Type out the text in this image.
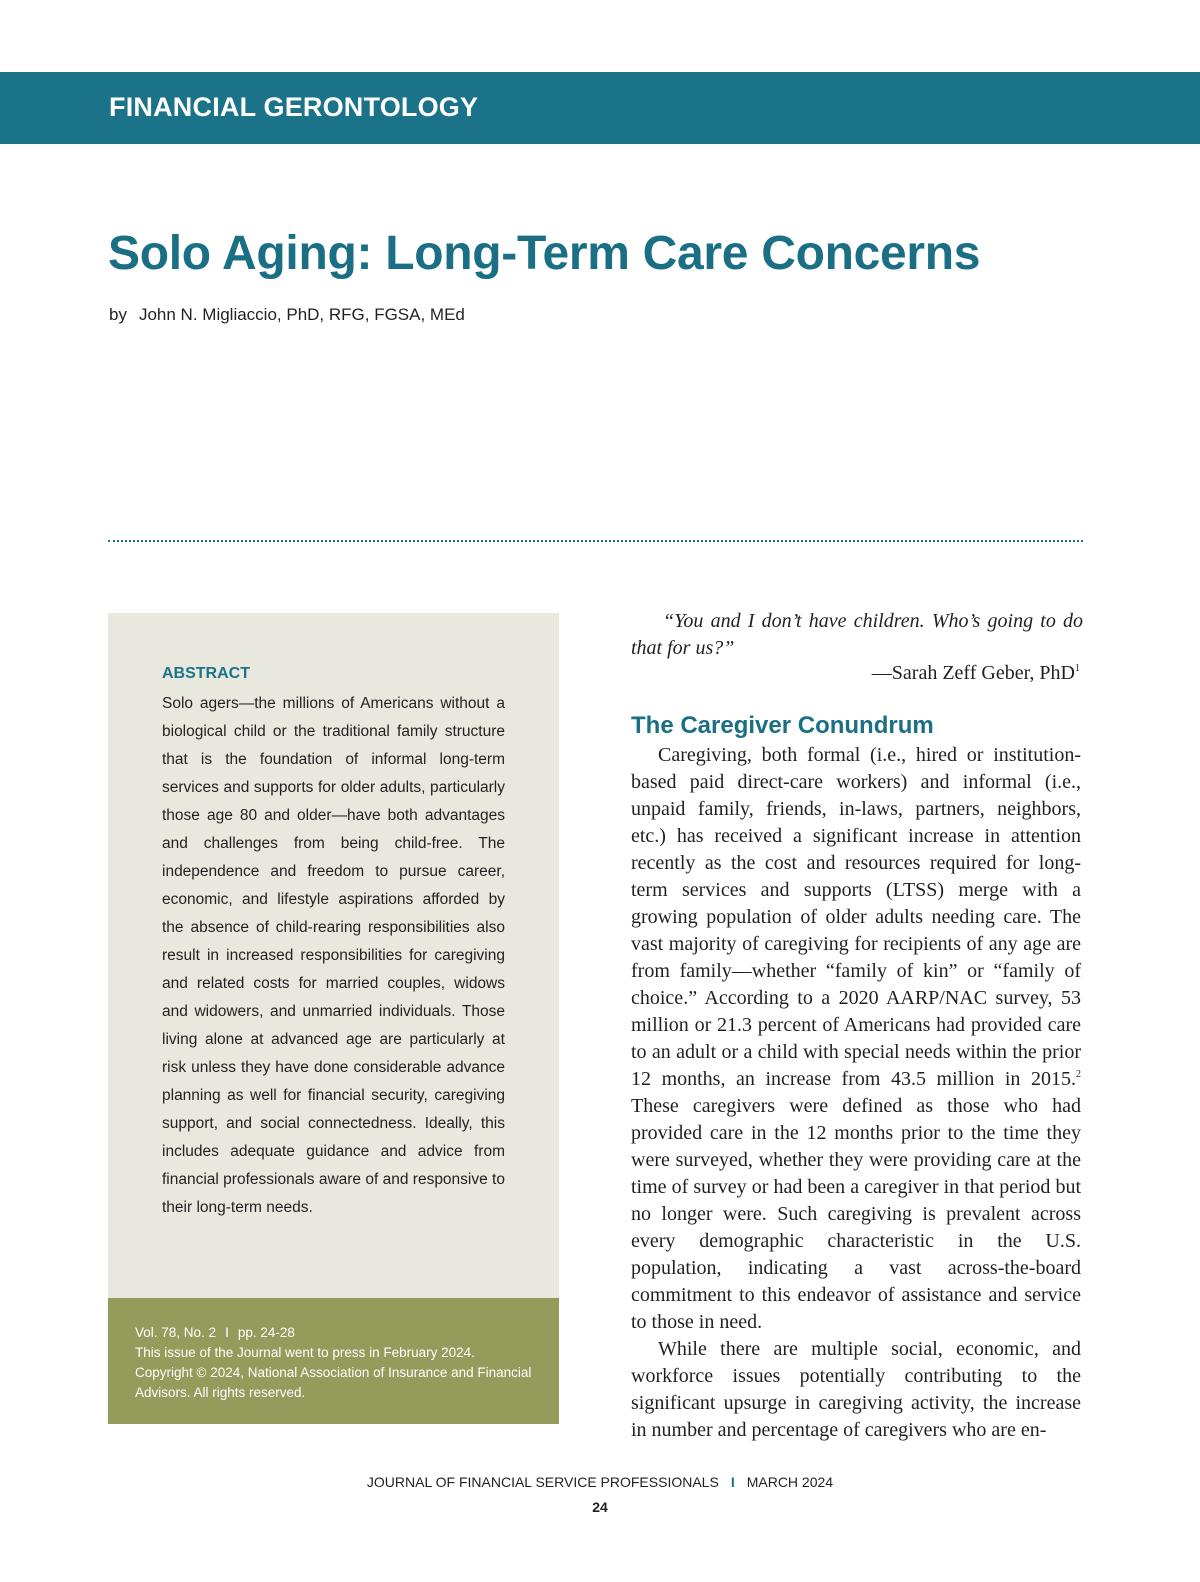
FINANCIAL GERONTOLOGY
Solo Aging: Long-Term Care Concerns
by John N. Migliaccio, PhD, RFG, FGSA, MEd
ABSTRACT
Solo agers—the millions of Americans without a biological child or the traditional family structure that is the foundation of informal long-term services and supports for older adults, particularly those age 80 and older—have both advantages and challenges from being child-free. The independence and freedom to pursue career, economic, and lifestyle aspirations afforded by the absence of child-rearing responsibilities also result in increased responsibilities for caregiving and related costs for married couples, widows and widowers, and unmarried individuals. Those living alone at advanced age are particularly at risk unless they have done considerable advance planning as well for financial security, caregiving support, and social connectedness. Ideally, this includes adequate guidance and advice from financial professionals aware of and responsive to their long-term needs.
Vol. 78, No. 2 I pp. 24-28
This issue of the Journal went to press in February 2024.
Copyright © 2024, National Association of Insurance and Financial Advisors. All rights reserved.
“You and I don’t have children. Who’s going to do that for us?”
—Sarah Zeff Geber, PhD$^1$
The Caregiver Conundrum

Caregiving, both formal (i.e., hired or institution-based paid direct-care workers) and informal (i.e., unpaid family, friends, in-laws, partners, neighbors, etc.) has received a significant increase in attention recently as the cost and resources required for long-term services and supports (LTSS) merge with a growing population of older adults needing care. The vast majority of caregiving for recipients of any age are from family—whether “family of kin” or “family of choice.” According to a 2020 AARP/NAC survey, 53 million or 21.3 percent of Americans had provided care to an adult or a child with special needs within the prior 12 months, an increase from 43.5 million in 2015.$^2$ These caregivers were defined as those who had provided care in the 12 months prior to the time they were surveyed, whether they were providing care at the time of survey or had been a caregiver in that period but no longer were. Such caregiving is prevalent across every demographic characteristic in the U.S. population, indicating a vast across-the-board commitment to this endeavor of assistance and service to those in need.

While there are multiple social, economic, and workforce issues potentially contributing to the significant upsurge in caregiving activity, the increase in number and percentage of caregivers who are en-

JOURNAL OF FINANCIAL SERVICE PROFESSIONALS I MARCH 2024
24
